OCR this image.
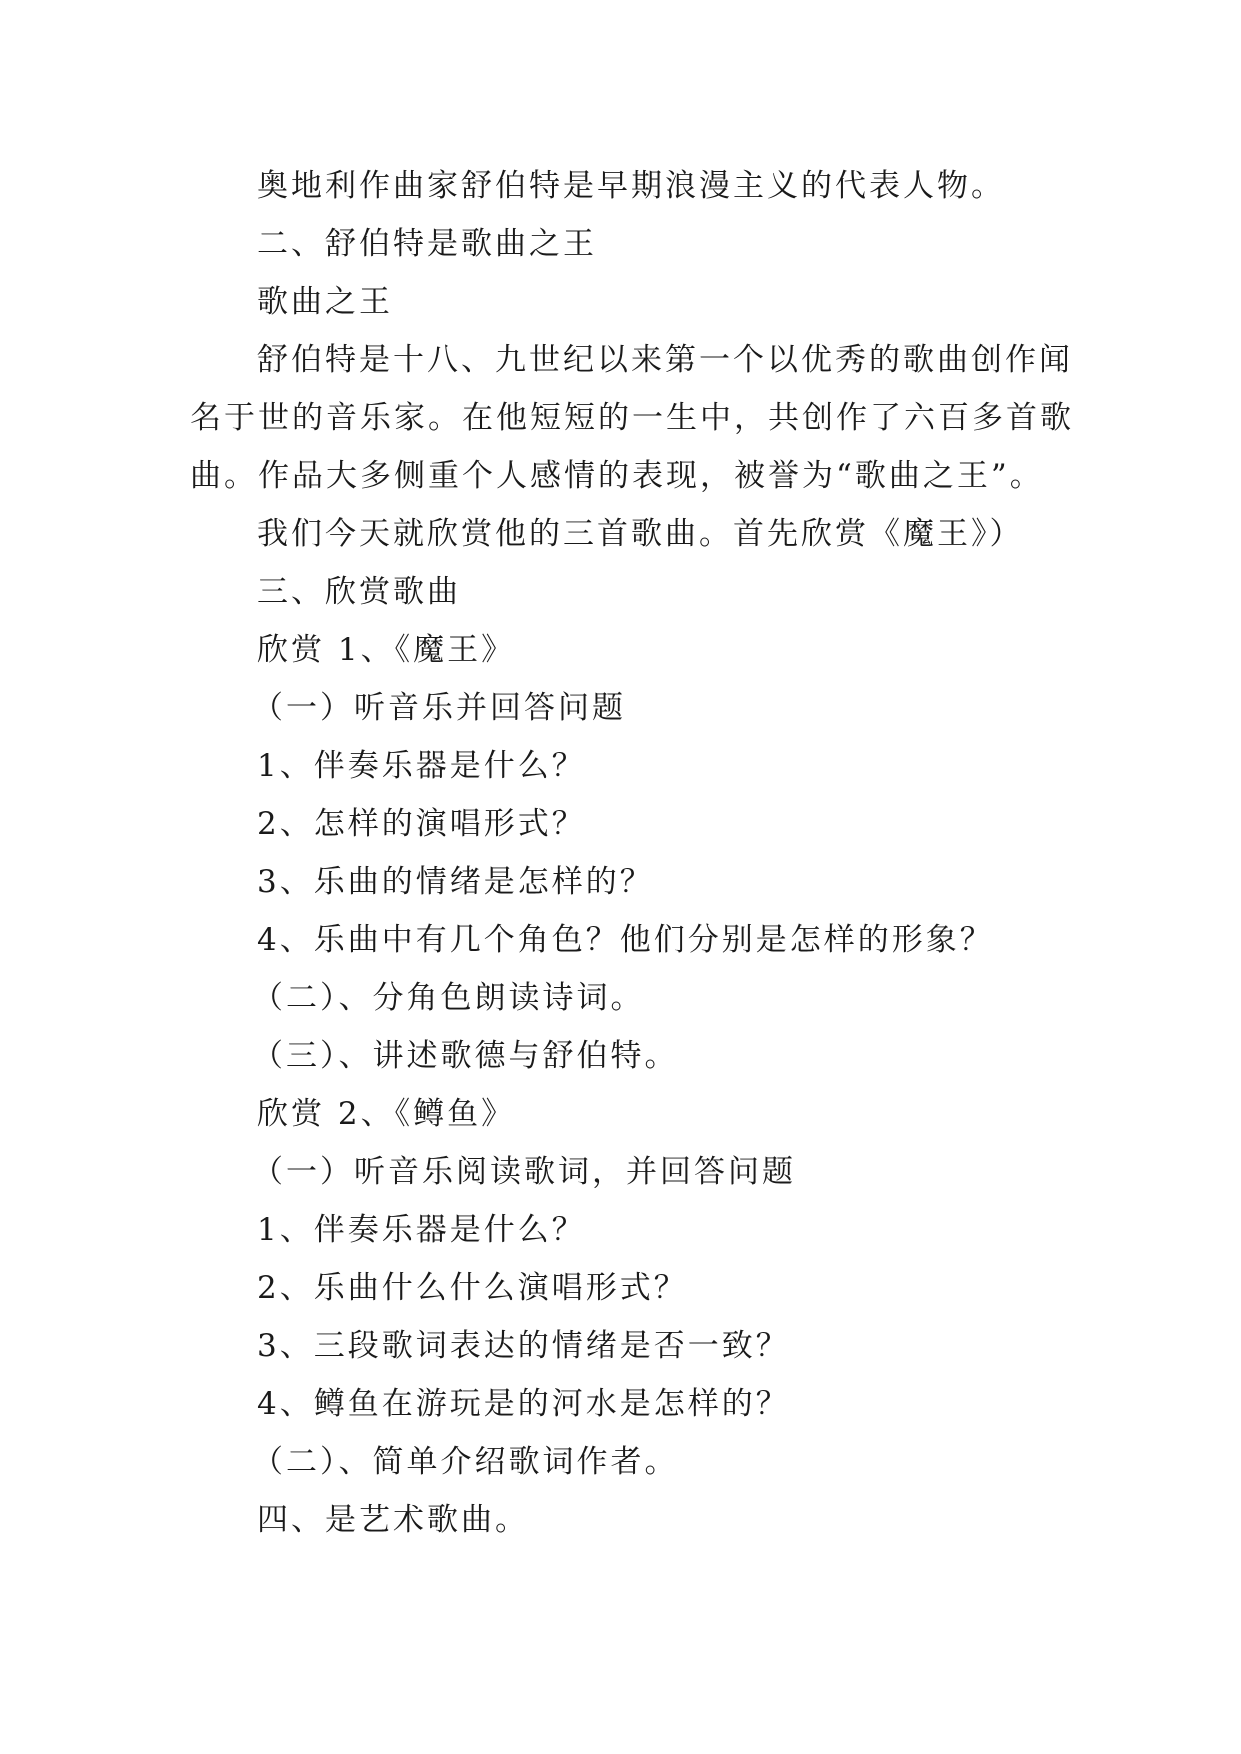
奥地利作曲家舒伯特是早期浪漫主义的代表人物。
二、舒伯特是歌曲之王
歌曲之王
舒伯特是十八、九世纪以来第一个以优秀的歌曲创作闻
名于世的音乐家。在他短短的一生中，共创作了六百多首歌
曲。作品大多侧重个人感情的表现，被誉为“歌曲之王”。
我们今天就欣赏他的三首歌曲。首先欣赏《魔王》）
三、欣赏歌曲
欣赏 1、《魔王》
（一）听音乐并回答问题
1、伴奏乐器是什么？
2、怎样的演唱形式？
3、乐曲的情绪是怎样的？
4、乐曲中有几个角色？他们分别是怎样的形象？
（二）、分角色朗读诗词。
（三）、讲述歌德与舒伯特。
欣赏 2、《鳟鱼》
（一）听音乐阅读歌词，并回答问题
1、伴奏乐器是什么？
2、乐曲什么什么演唱形式？
3、三段歌词表达的情绪是否一致？
4、鳟鱼在游玩是的河水是怎样的？
（二）、简单介绍歌词作者。
四、是艺术歌曲。
